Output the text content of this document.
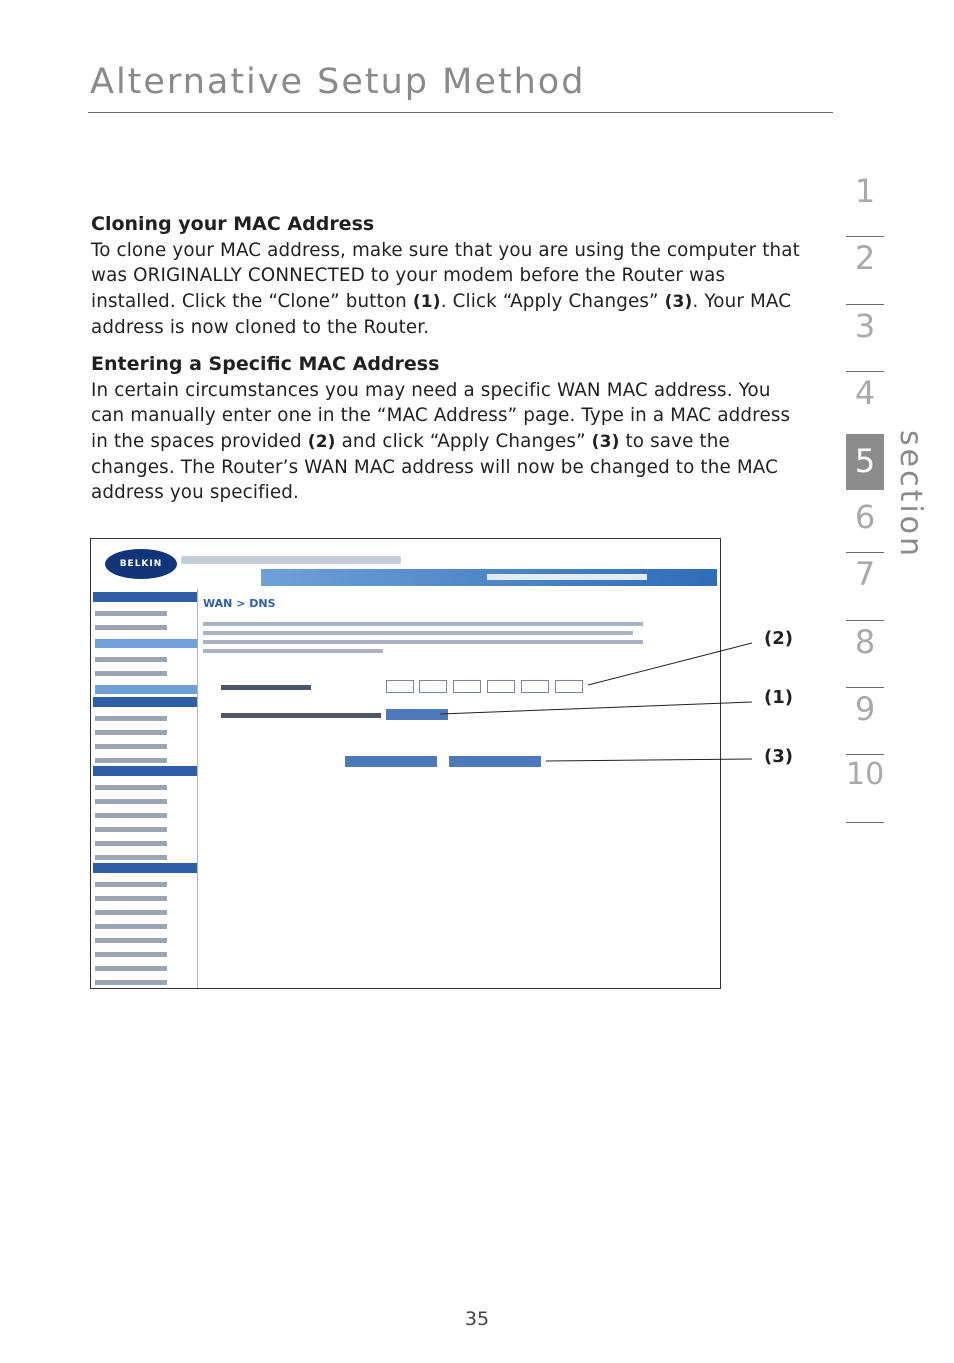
Alternative Setup Method
1
2
3
4
5
6
7
8
9
10
section
Cloning your MAC Address

To clone your MAC address, make sure that you are using the computer that was ORIGINALLY CONNECTED to your modem before the Router was installed. Click the “Clone” button (1). Click “Apply Changes” (3). Your MAC address is now cloned to the Router.

Entering a Specific MAC Address

In certain circumstances you may need a specific WAN MAC address. You can manually enter one in the “MAC Address” page. Type in a MAC address in the spaces provided (2) and click “Apply Changes” (3) to save the changes. The Router’s WAN MAC address will now be changed to the MAC address you specified.

BELKIN
WAN > DNS
(2)
(1)
(3)
35
